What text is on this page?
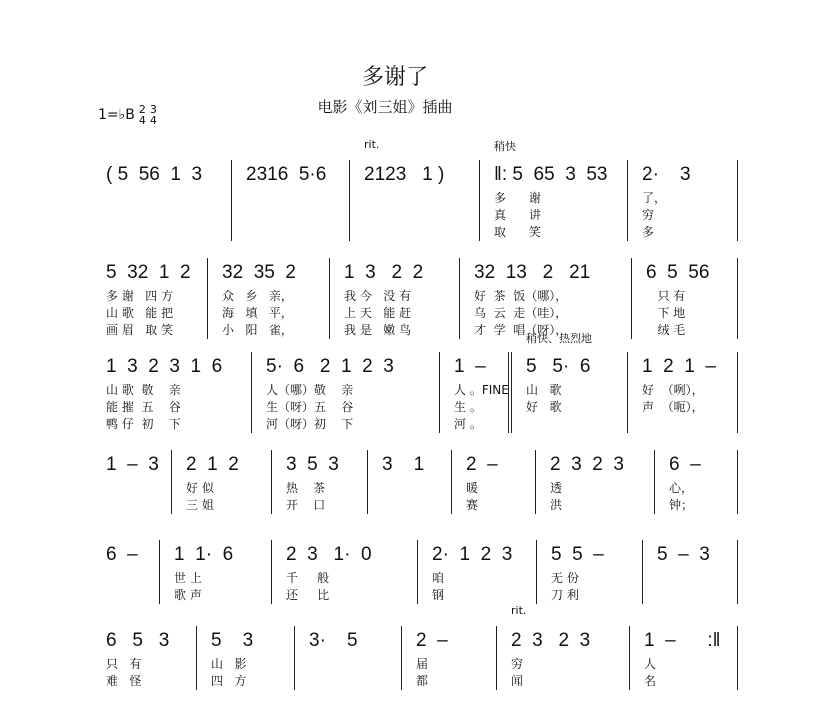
多谢了
电影《刘三姐》插曲
1=♭B 2
4
3
4
( 5  56  1  3	2316  5·6	2123   1 )
rit.
‖: 5  65  3  53
稍快
多      谢
真      讲
取      笑
2·    3
了，
穷
多
5  32  1  2
多 谢   四 方
山 歌   能 把
画 眉   取 笑
32  35  2
众   乡   亲，
海   填   平，
小   阳   雀，
1  3   2  2
我 今   没 有
上 天   能 赶
我 是   嫩 鸟
32  13   2   21
好  茶  饭（哪），
乌  云  走（哇），
才  学  唱（呀），
6  5  56
只 有
下 地
绒 毛
1  3  2  3  1  6
山 歌  敬    亲
能 摧  五    谷
鸭 仔  初    下
5·  6   2  1  2  3
人（哪）敬    亲
生（呀）五    谷
河（呀）初    下
1  –
人 。FINE
生 。
河 。
5   5·  6
稍快、热烈地
山   歌
好   歌
1  2  1  –
好  （咧），
声  （呃），
1  –  3	2  1  2
好 似
三 姐
3  5  3
热    茶
开    口
3    1	2  –
暖
赛
2  3  2  3
透
洪
6  –
心，
钟；
6  –	1  1·  6
世 上
歌 声
2  3   1·  0
千     般
还     比
2·  1  2  3
咱
钢
5  5  –
无 份
刀 利
5  –  3
6   5   3
只   有
难   怪
5    3
山   影
四   方
3·    5	2  –
届
都
2  3   2  3
rit.
穷
闻
1  –      :‖
人
名
